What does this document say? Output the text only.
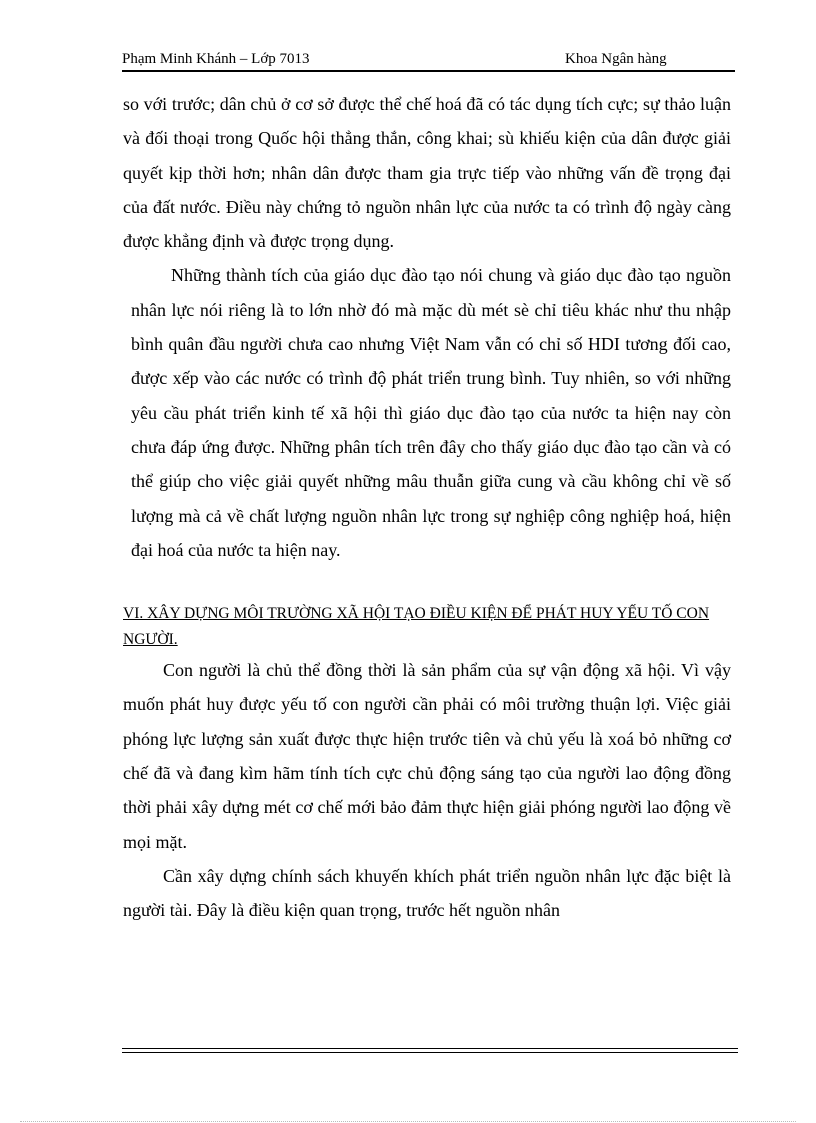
Phạm Minh Khánh – Lớp 7013	Khoa Ngân hàng

so với trước; dân chủ ở cơ sở được thể chế hoá đã có tác dụng tích cực; sự thảo luận và đối thoại trong Quốc hội thẳng thắn, công khai; sù khiếu kiện của dân được giải quyết kịp thời hơn; nhân dân được tham gia trực tiếp vào những vấn đề trọng đại của đất nước. Điều này chứng tỏ nguồn nhân lực của nước ta có trình độ ngày càng được khẳng định và được trọng dụng.

Những thành tích của giáo dục đào tạo nói chung và giáo dục đào tạo nguồn nhân lực nói riêng là to lớn nhờ đó mà mặc dù mét sè chỉ tiêu khác như thu nhập bình quân đầu người chưa cao nhưng Việt Nam vẫn có chỉ số HDI tương đối cao, được xếp vào các nước có trình độ phát triển trung bình. Tuy nhiên, so với những yêu cầu phát triển kinh tế xã hội thì giáo dục đào tạo của nước ta hiện nay còn chưa đáp ứng được. Những phân tích trên đây cho thấy giáo dục đào tạo cần và có thể giúp cho việc giải quyết những mâu thuẫn giữa cung và cầu không chỉ về số lượng mà cả về chất lượng nguồn nhân lực trong sự nghiệp công nghiệp hoá, hiện đại hoá của nước ta hiện nay.

VI. XÂY DỰNG MÔI TRƯỜNG XÃ HỘI TẠO ĐIỀU KIỆN ĐỂ PHÁT HUY YẾU TỐ CON NGƯỜI.

Con người là chủ thể đồng thời là sản phẩm của sự vận động xã hội. Vì vậy muốn phát huy được yếu tố con người cần phải có môi trường thuận lợi. Việc giải phóng lực lượng sản xuất được thực hiện trước tiên và chủ yếu là xoá bỏ những cơ chế đã và đang kìm hãm tính tích cực chủ động sáng tạo của người lao động đồng thời phải xây dựng mét cơ chế mới bảo đảm thực hiện giải phóng người lao động về mọi mặt.

Cần xây dựng chính sách khuyến khích phát triển nguồn nhân lực đặc biệt là người tài. Đây là điều kiện quan trọng, trước hết nguồn nhân
